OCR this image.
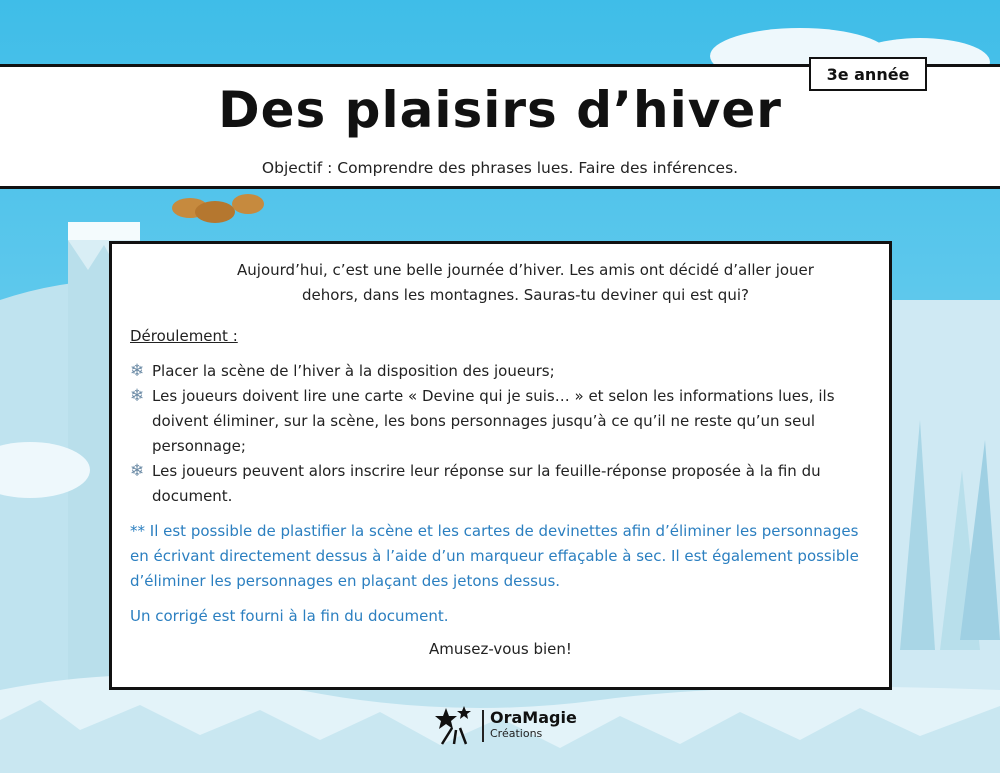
3e année
Des plaisirs d’hiver
Objectif : Comprendre des phrases lues. Faire des inférences.
Aujourd’hui, c’est une belle journée d’hiver. Les amis ont décidé d’aller jouer dehors, dans les montagnes. Sauras-tu deviner qui est qui?
Déroulement :
❄ Placer la scène de l’hiver à la disposition des joueurs;
❄ Les joueurs doivent lire une carte « Devine qui je suis… » et selon les informations lues, ils doivent éliminer, sur la scène, les bons personnages jusqu’à ce qu’il ne reste qu’un seul personnage;
❄ Les joueurs peuvent alors inscrire leur réponse sur la feuille-réponse proposée à la fin du document.
** Il est possible de plastifier la scène et les cartes de devinettes afin d’éliminer les personnages en écrivant directement dessus à l’aide d’un marqueur effaçable à sec. Il est également possible d’éliminer les personnages en plaçant des jetons dessus.
Un corrigé est fourni à la fin du document.
Amusez-vous bien!
OraMagie
Créations
